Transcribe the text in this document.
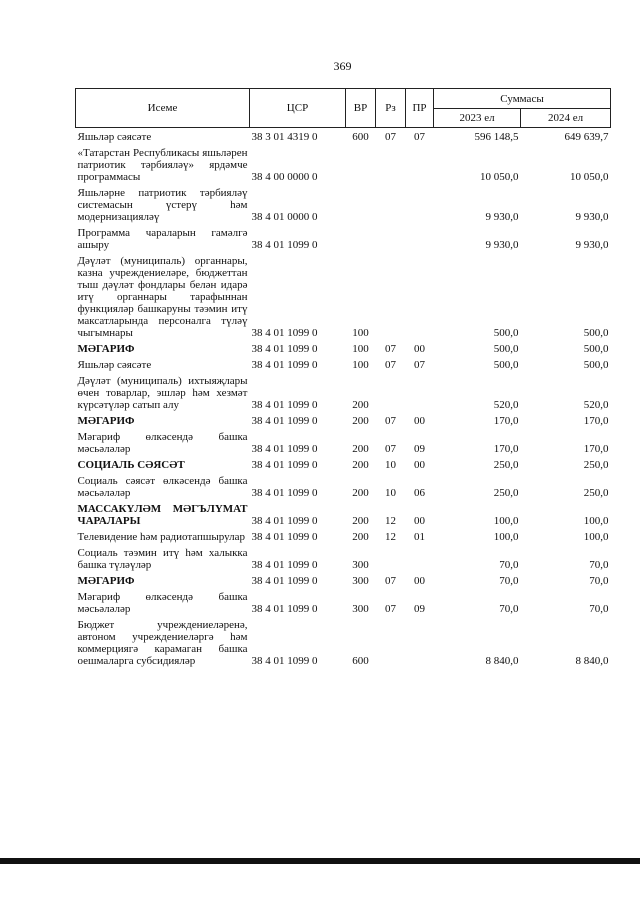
369
Исеме	ЦСР	ВР	Рз	ПР	Суммасы	
					2023 ел	2024 ел
Яшьләр сәясәте	38 3 01 4319 0	600	07	07	596 148,5	649 639,7
«Татарстан Республикасы яшьләрен патриотик тәрбияләү» ярдәмче программасы	38 4 00 0000 0				10 050,0	10 050,0
Яшьләрне патриотик тәрбияләү системасын үстерү һәм модернизацияләү	38 4 01 0000 0				9 930,0	9 930,0
Программа чараларын гамәлгә ашыру	38 4 01 1099 0				9 930,0	9 930,0
Дәүләт (муниципаль) органнары, казна учреждениеләре, бюджеттан тыш дәүләт фондлары белән идарә итү органнары тарафыннан функцияләр башкаруны тәэмин итү максатларында персоналга түләү чыгымнары	38 4 01 1099 0	100			500,0	500,0
МӘГАРИФ	38 4 01 1099 0	100	07	00	500,0	500,0
Яшьләр сәясәте	38 4 01 1099 0	100	07	07	500,0	500,0
Дәүләт (муниципаль) ихтыяҗлары өчен товарлар, эшләр һәм хезмәт күрсәтүләр сатып алу	38 4 01 1099 0	200			520,0	520,0
МӘГАРИФ	38 4 01 1099 0	200	07	00	170,0	170,0
Мәгариф өлкәсендә башка мәсьәләләр	38 4 01 1099 0	200	07	09	170,0	170,0
СОЦИАЛЬ СӘЯСӘТ	38 4 01 1099 0	200	10	00	250,0	250,0
Социаль сәясәт өлкәсендә башка мәсьәләләр	38 4 01 1099 0	200	10	06	250,0	250,0
МАССАКҮЛӘМ МӘГЪЛҮМАТ ЧАРАЛАРЫ	38 4 01 1099 0	200	12	00	100,0	100,0
Телевидение һәм радиотапшырулар	38 4 01 1099 0	200	12	01	100,0	100,0
Социаль тәэмин итү һәм халыкка башка түләүләр	38 4 01 1099 0	300			70,0	70,0
МӘГАРИФ	38 4 01 1099 0	300	07	00	70,0	70,0
Мәгариф өлкәсендә башка мәсьәләләр	38 4 01 1099 0	300	07	09	70,0	70,0
Бюджет учреждениеләренә, автоном учреждениеләргә һәм коммерциягә карамаган башка оешмаларга субсидияләр	38 4 01 1099 0	600			8 840,0	8 840,0
